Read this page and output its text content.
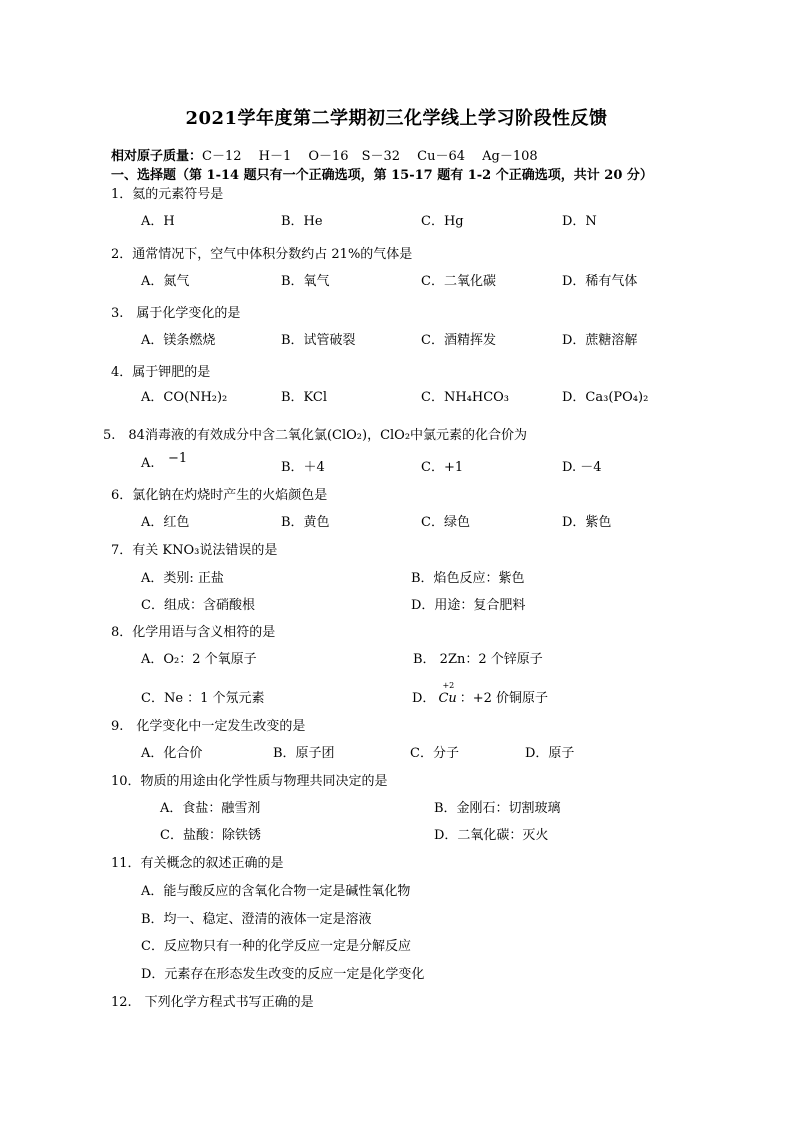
2021学年度第二学期初三化学线上学习阶段性反馈
相对原子质量：C－12　 H－1　 O－16　S－32　 Cu－64　 Ag－108
一、选择题（第 1-14 题只有一个正确选项，第 15-17 题有 1-2 个正确选项，共计 20 分）
1．氦的元素符号是
A．H	B．He	C．Hg	D．N
2．通常情况下，空气中体积分数约占 21%的气体是
A．氮气	B．氧气	C．二氧化碳	D．稀有气体
3.　属于化学变化的是
A．镁条燃烧	B．试管破裂	C．酒精挥发	D．蔗糖溶解
4．属于钾肥的是
A．CO(NH₂)₂	B．KCl	C．NH₄HCO₃	D．Ca₃(PO₄)₂
5.　84消毒液的有效成分中含二氧化氯(ClO₂)，ClO₂中氯元素的化合价为
A. −1
B．＋4	C．+1	D. －4
6．氯化钠在灼烧时产生的火焰颜色是
A．红色	B．黄色	C．绿色	D．紫色
7．有关 KNO₃说法错误的是
A．类别: 正盐	B．焰色反应：紫色
C．组成：含硝酸根	D．用途：复合肥料
8．化学用语与含义相符的是
A．O₂：2 个氧原子	B． 2Zn：2 个锌原子
C．Ne ：1 个氖元素	D．
+2
Cu ：+2 价铜原子
9.　化学变化中一定发生改变的是
A．化合价	B．原子团	C．分子	D．原子
10．物质的用途由化学性质与物理共同决定的是
A．食盐：融雪剂	B．金刚石：切割玻璃
C．盐酸：除铁锈	D．二氧化碳：灭火
11．有关概念的叙述正确的是
A．能与酸反应的含氧化合物一定是碱性氧化物
B．均一、稳定、澄清的液体一定是溶液
C．反应物只有一种的化学反应一定是分解反应
D．元素存在形态发生改变的反应一定是化学变化
12.　下列化学方程式书写正确的是
